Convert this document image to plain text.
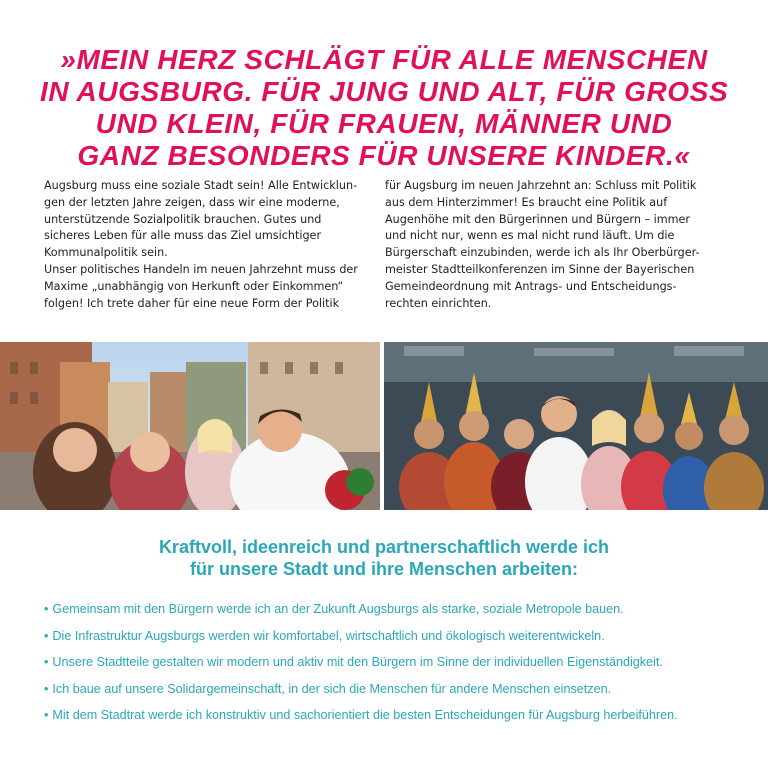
»MEIN HERZ SCHLÄGT FÜR ALLE MENSCHEN
IN AUGSBURG. FÜR JUNG UND ALT, FÜR GROSS
UND KLEIN, FÜR FRAUEN, MÄNNER UND
GANZ BESONDERS FÜR UNSERE KINDER.«

Augsburg muss eine soziale Stadt sein! Alle Entwicklun-

gen der letzten Jahre zeigen, dass wir eine moderne,

unterstützende Sozialpolitik brauchen. Gutes und

sicheres Leben für alle muss das Ziel umsichtiger

Kommunalpolitik sein.

Unser politisches Handeln im neuen Jahrzehnt muss der

Maxime „unabhängig von Herkunft oder Einkommen“

folgen! Ich trete daher für eine neue Form der Politik

für Augsburg im neuen Jahrzehnt an: Schluss mit Politik

aus dem Hinterzimmer! Es braucht eine Politik auf

Augenhöhe mit den Bürgerinnen und Bürgern – immer

und nicht nur, wenn es mal nicht rund läuft. Um die

Bürgerschaft einzubinden, werde ich als Ihr Oberbürger-

meister Stadtteilkonferenzen im Sinne der Bayerischen

Gemeindeordnung mit Antrags- und Entscheidungs-

rechten einrichten.

Kraftvoll, ideenreich und partnerschaftlich werde ich
für unsere Stadt und ihre Menschen arbeiten:
• Gemeinsam mit den Bürgern werde ich an der Zukunft Augsburgs als starke, soziale Metropole bauen.
• Die Infrastruktur Augsburgs werden wir komfortabel, wirtschaftlich und ökologisch weiterentwickeln.
• Unsere Stadtteile gestalten wir modern und aktiv mit den Bürgern im Sinne der individuellen Eigenständigkeit.
• Ich baue auf unsere Solidargemeinschaft, in der sich die Menschen für andere Menschen einsetzen.
• Mit dem Stadtrat werde ich konstruktiv und sachorientiert die besten Entscheidungen für Augsburg herbeiführen.
